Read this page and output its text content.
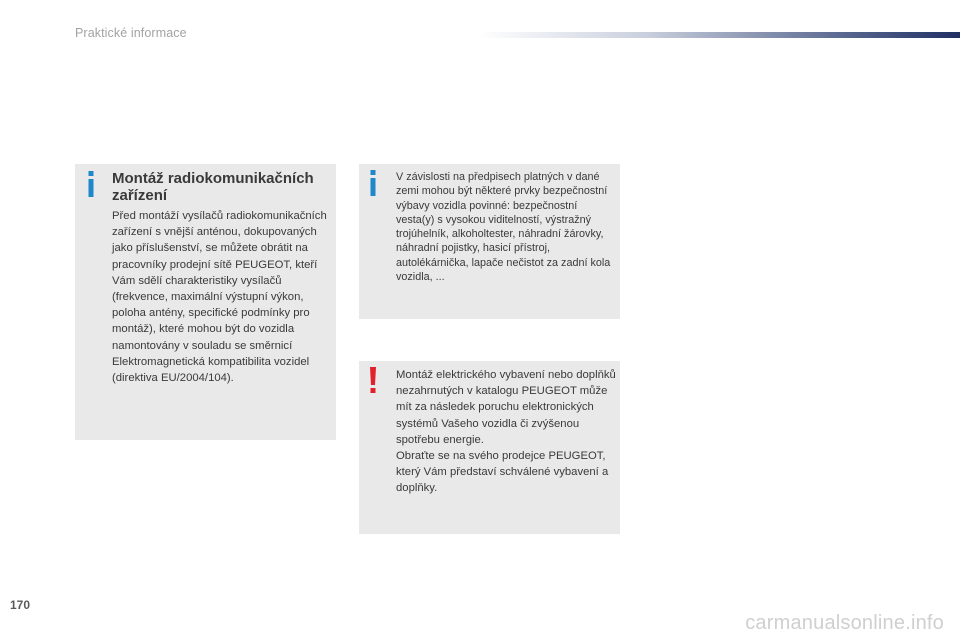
Praktické informace
Montáž radiokomunikačních zařízení

Před montáží vysílačů radiokomunikačních zařízení s vnější anténou, dokupovaných jako příslušenství, se můžete obrátit na pracovníky prodejní sítě PEUGEOT, kteří Vám sdělí charakteristiky vysílačů (frekvence, maximální výstupní výkon, poloha antény, specifické podmínky pro montáž), které mohou být do vozidla namontovány v souladu se směrnicí Elektromagnetická kompatibilita vozidel (direktiva EU/2004/104).

V závislosti na předpisech platných v dané zemi mohou být některé prvky bezpečnostní výbavy vozidla povinné: bezpečnostní vesta(y) s vysokou viditelností, výstražný trojúhelník, alkoholtester, náhradní žárovky, náhradní pojistky, hasicí přístroj, autolékárnička, lapače nečistot za zadní kola vozidla, ...

Montáž elektrického vybavení nebo doplňků nezahrnutých v katalogu PEUGEOT může mít za následek poruchu elektronických systémů Vašeho vozidla či zvýšenou spotřebu energie.

Obraťte se na svého prodejce PEUGEOT, který Vám představí schválené vybavení a doplňky.

170
carmanualsonline.info
